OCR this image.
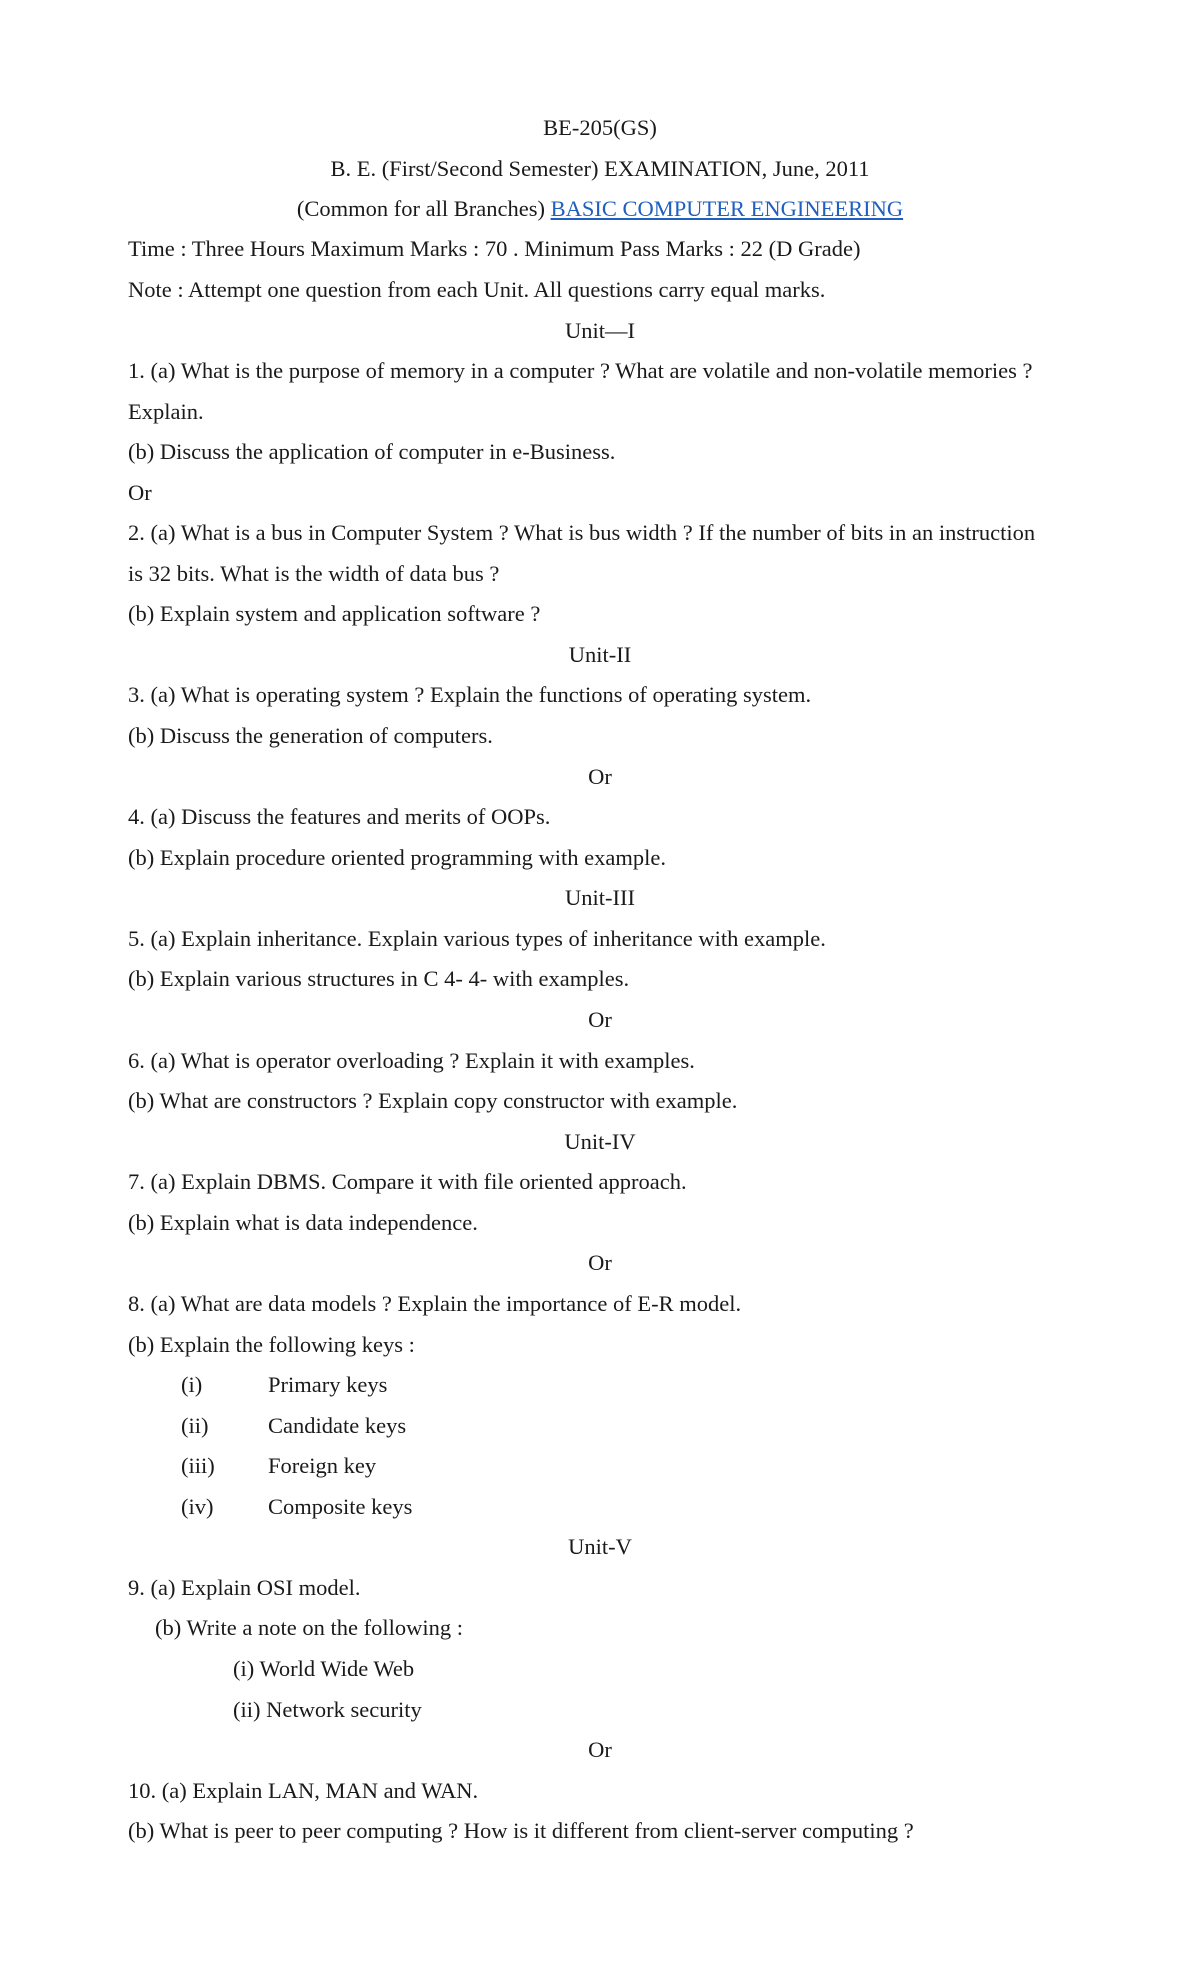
BE-205(GS)
B. E. (First/Second Semester) EXAMINATION, June, 2011
(Common for all Branches) BASIC COMPUTER ENGINEERING
Time : Three Hours Maximum Marks : 70 . Minimum Pass Marks : 22 (D Grade)
Note : Attempt one question from each Unit. All questions carry equal marks.
Unit—I
1. (a) What is the purpose of memory in a computer ? What are volatile and non-volatile memories ?
Explain.
(b) Discuss the application of computer in e-Business.
Or
2. (a) What is a bus in Computer System ? What is bus width ? If the number of bits in an instruction
is 32 bits. What is the width of data bus ?
(b) Explain system and application software ?
Unit-II
3. (a) What is operating system ? Explain the functions of operating system.
(b) Discuss the generation of computers.
Or
4. (a) Discuss the features and merits of OOPs.
(b) Explain procedure oriented programming with example.
Unit-III
5. (a) Explain inheritance. Explain various types of inheritance with example.
(b) Explain various structures in C 4- 4- with examples.
Or
6. (a) What is operator overloading ? Explain it with examples.
(b) What are constructors ? Explain copy constructor with example.
Unit-IV
7. (a) Explain DBMS. Compare it with file oriented approach.
(b) Explain what is data independence.
Or
8. (a) What are data models ? Explain the importance of E-R model.
(b) Explain the following keys :
(i)	Primary keys
(ii)	Candidate keys
(iii) Foreign key
(iv) Composite keys
Unit-V
9. (a) Explain OSI model.
(b) Write a note on the following :
(i) World Wide Web
(ii) Network security
Or
10. (a) Explain LAN, MAN and WAN.
(b) What is peer to peer computing ? How is it different from client-server computing ?
